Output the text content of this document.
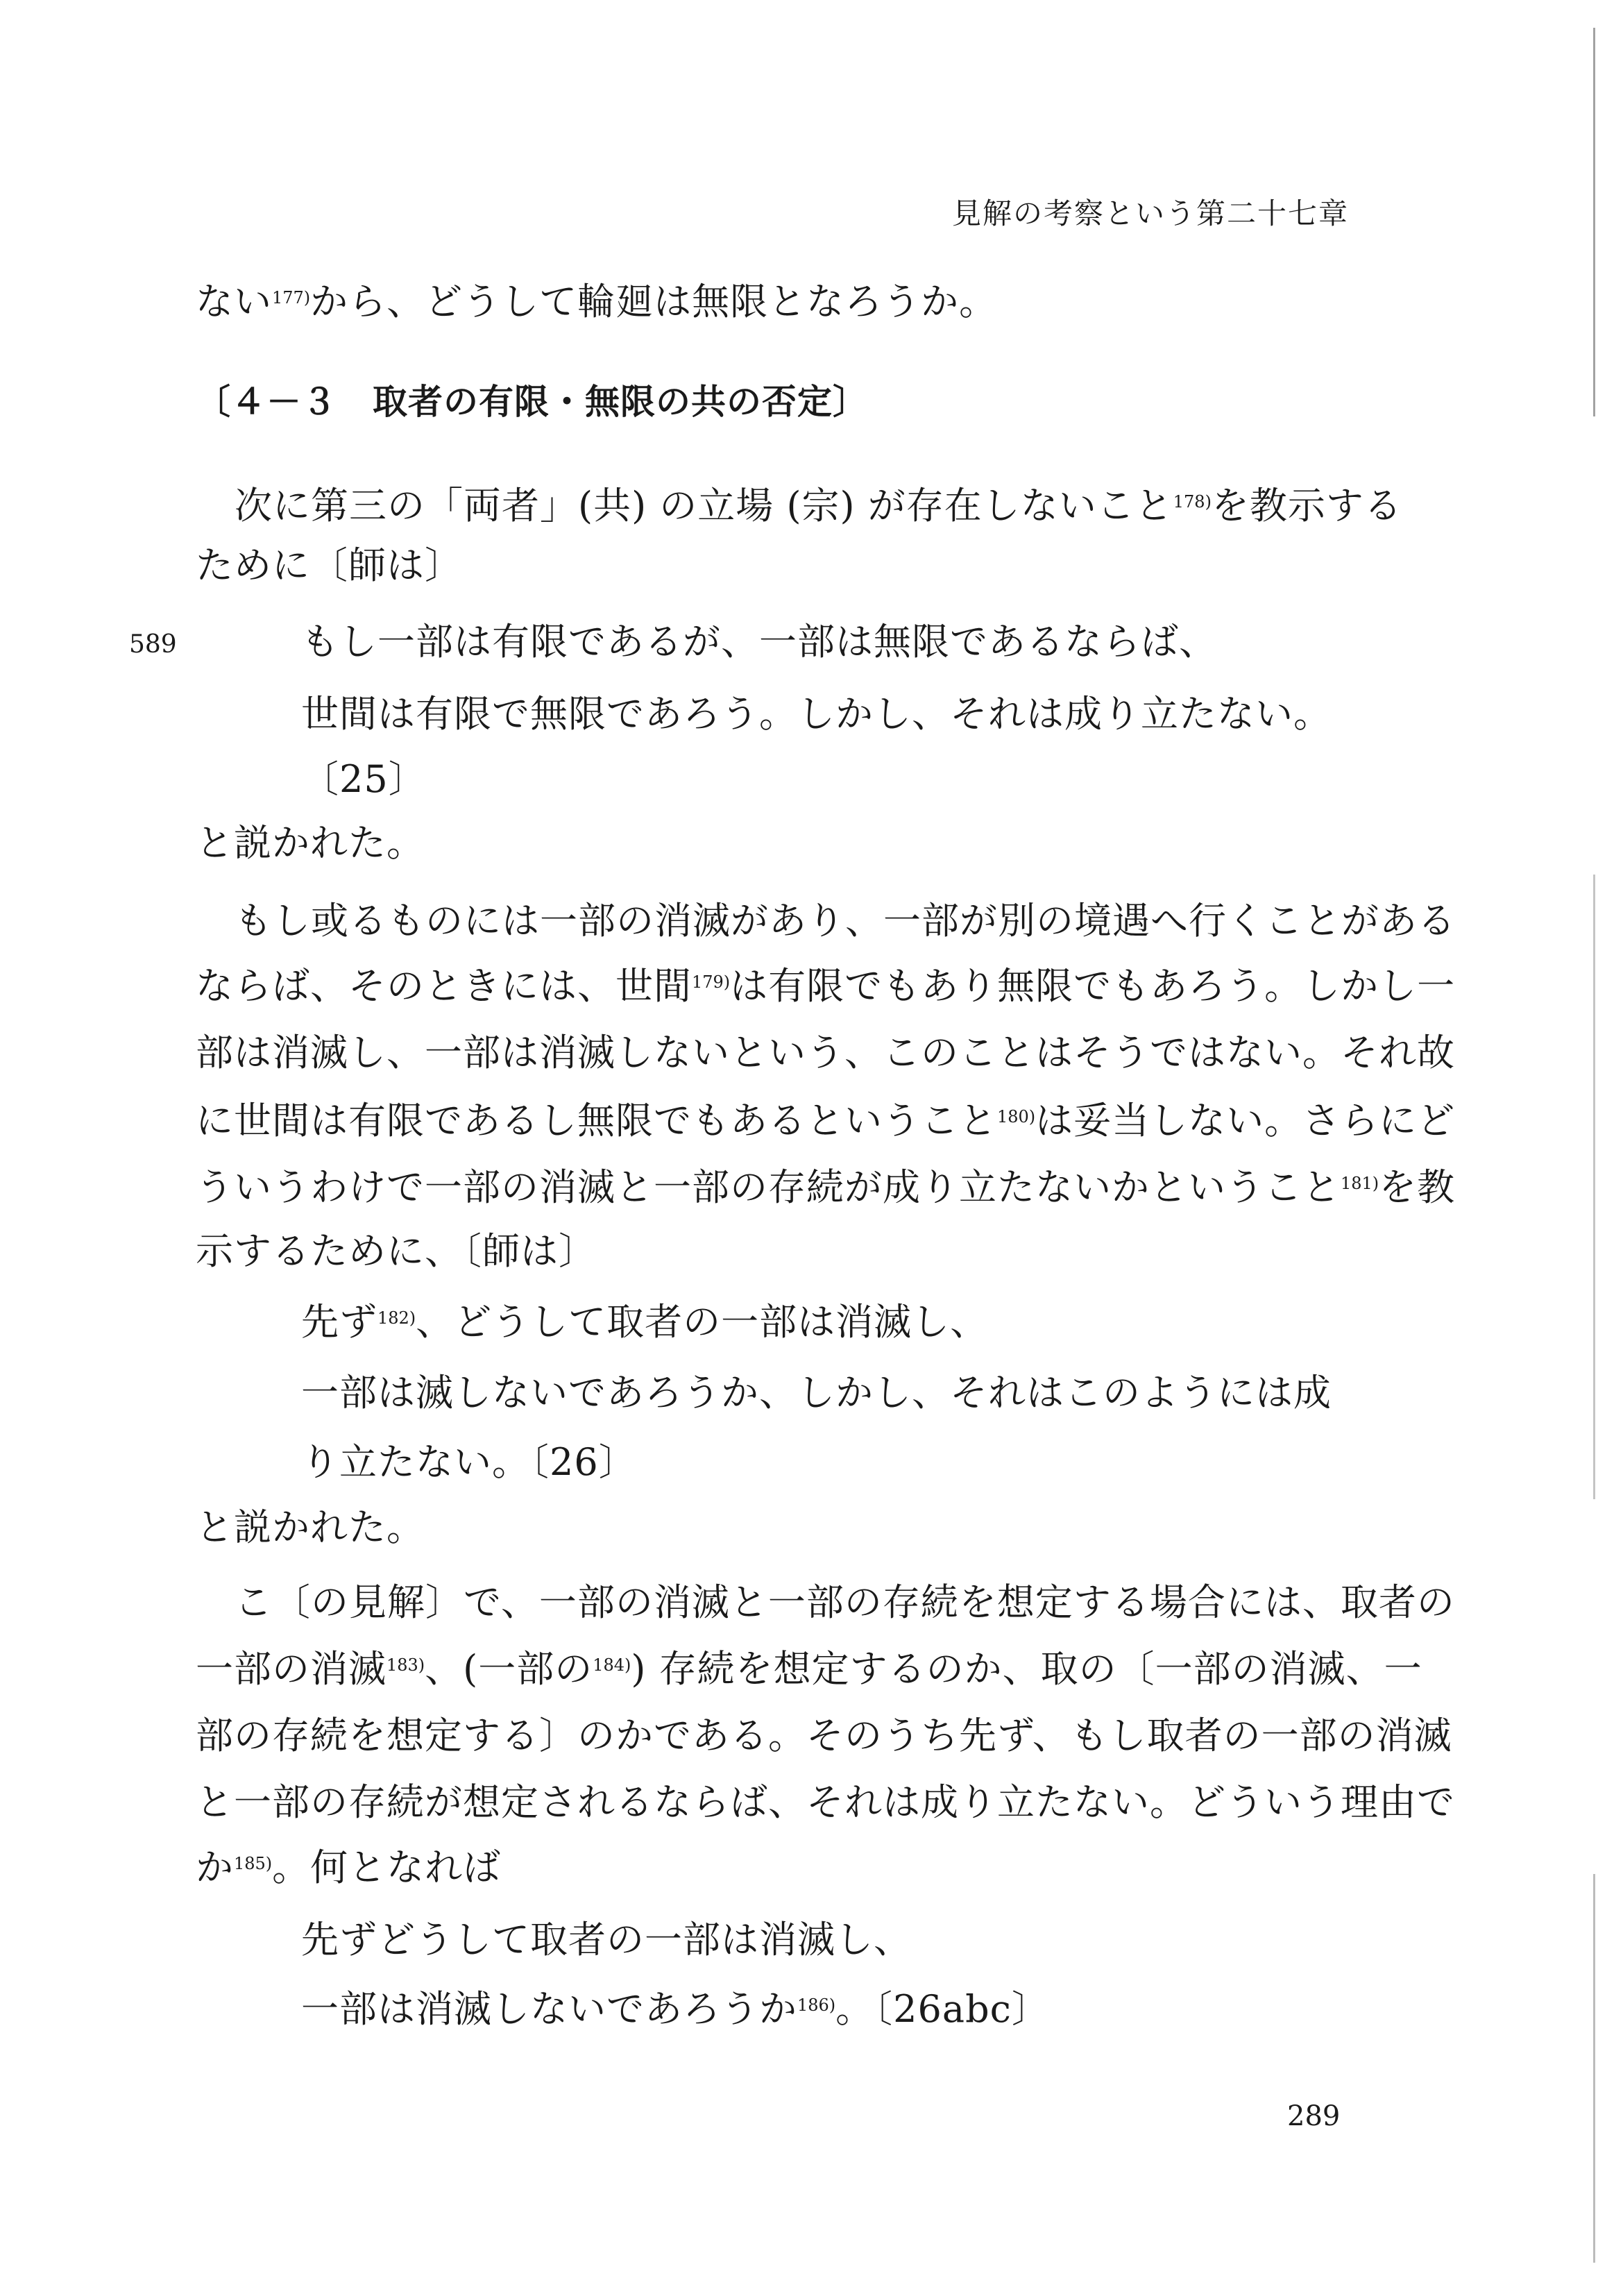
見解の考察という第二十七章
589
ない$^{177)}$から、どうして輪廻は無限となろうか。
〔４－３　取者の有限・無限の共の否定〕
次に第三の「両者」(共) の立場 (宗) が存在しないこと$^{178)}$を教示する
ために〔師は〕
もし一部は有限であるが、一部は無限であるならば、
世間は有限で無限であろう。しかし、それは成り立たない。
〔25〕
と説かれた。
もし或るものには一部の消滅があり、一部が別の境遇へ行くことがある
ならば、そのときには、世間$^{179)}$は有限でもあり無限でもあろう。しかし一
部は消滅し、一部は消滅しないという、このことはそうではない。それ故
に世間は有限であるし無限でもあるということ$^{180)}$は妥当しない。さらにど
ういうわけで一部の消滅と一部の存続が成り立たないかということ$^{181)}$を教
示するために、〔師は〕
先ず$^{182)}$、どうして取者の一部は消滅し、
一部は滅しないであろうか、しかし、それはこのようには成
り立たない。〔26〕
と説かれた。
こ〔の見解〕で、一部の消滅と一部の存続を想定する場合には、取者の
一部の消滅$^{183)}$、(一部の$^{184)}$) 存続を想定するのか、取の〔一部の消滅、一
部の存続を想定する〕のかである。そのうち先ず、もし取者の一部の消滅
と一部の存続が想定されるならば、それは成り立たない。どういう理由で
か$^{185)}$。何となれば
先ずどうして取者の一部は消滅し、
一部は消滅しないであろうか$^{186)}$。〔26abc〕
289
